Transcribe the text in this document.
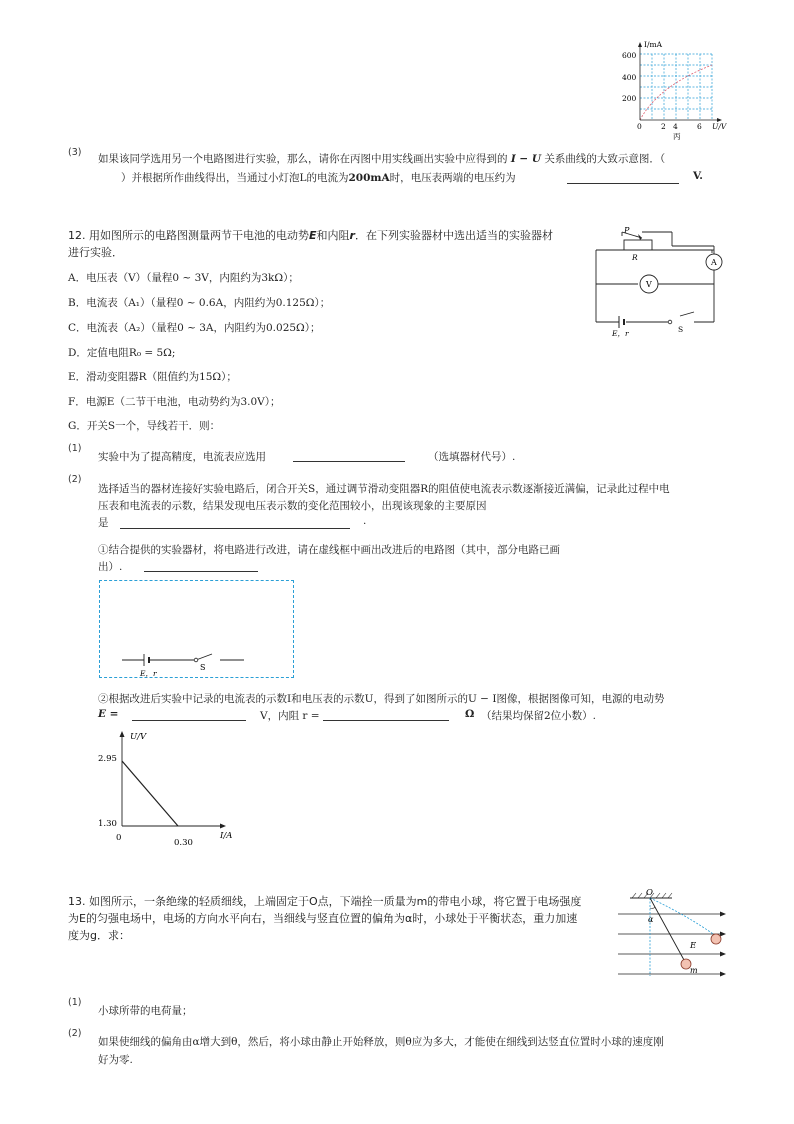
I/mA
U/V
600
400
200
0	2 4	6
丙
(3)
如果该同学选用另一个电路图进行实验，那么，请你在丙图中用实线画出实验中应得到的 I − U 关系曲线的大致示意图．（
）并根据所作曲线得出，当通过小灯泡L的电流为200mA时，电压表两端的电压约为	V.
12. 用如图所示的电路图测量两节干电池的电动势E和内阻r．在下列实验器材中选出适当的实验器材
进行实验．
A．电压表（V）（量程0 ~ 3V，内阻约为3kΩ）；
B．电流表（A₁）（量程0 ~ 0.6A，内阻约为0.125Ω）；
C．电流表（A₂）（量程0 ~ 3A，内阻约为0.025Ω）；
D．定值电阻R₀ = 5Ω;
E．滑动变阻器R（阻值约为15Ω）；
F．电源E（二节干电池，电动势约为3.0V）；
G．开关S一个，导线若干．则：
P
R
A
V
S
E，r
(1)
实验中为了提高精度，电流表应选用	（选填器材代号）.
(2)
选择适当的器材连接好实验电路后，闭合开关S，通过调节滑动变阻器R的阻值使电流表示数逐渐接近满偏，记录此过程中电
压表和电流表的示数，结果发现电压表示数的变化范围较小，出现该现象的主要原因
是	.
①结合提供的实验器材，将电路进行改进，请在虚线框中画出改进后的电路图（其中，部分电路已画
出）.
S
E，r
②根据改进后实验中记录的电流表的示数I和电压表的示数U，得到了如图所示的U − I图像，根据图像可知，电源的电动势
E =	V，内阻 r =	Ω （结果均保留2位小数）.
U/V
I/A
2.95
1.30
0	0.30
13. 如图所示，一条绝缘的轻质细线，上端固定于O点，下端拴一质量为m的带电小球，将它置于电场强度
为E的匀强电场中，电场的方向水平向右，当细线与竖直位置的偏角为α时，小球处于平衡状态，重力加速
度为g．求：
O
α
E
m
(1)
小球所带的电荷量；
(2)
如果使细线的偏角由α增大到θ，然后，将小球由静止开始释放，则θ应为多大，才能使在细线到达竖直位置时小球的速度刚
好为零.
